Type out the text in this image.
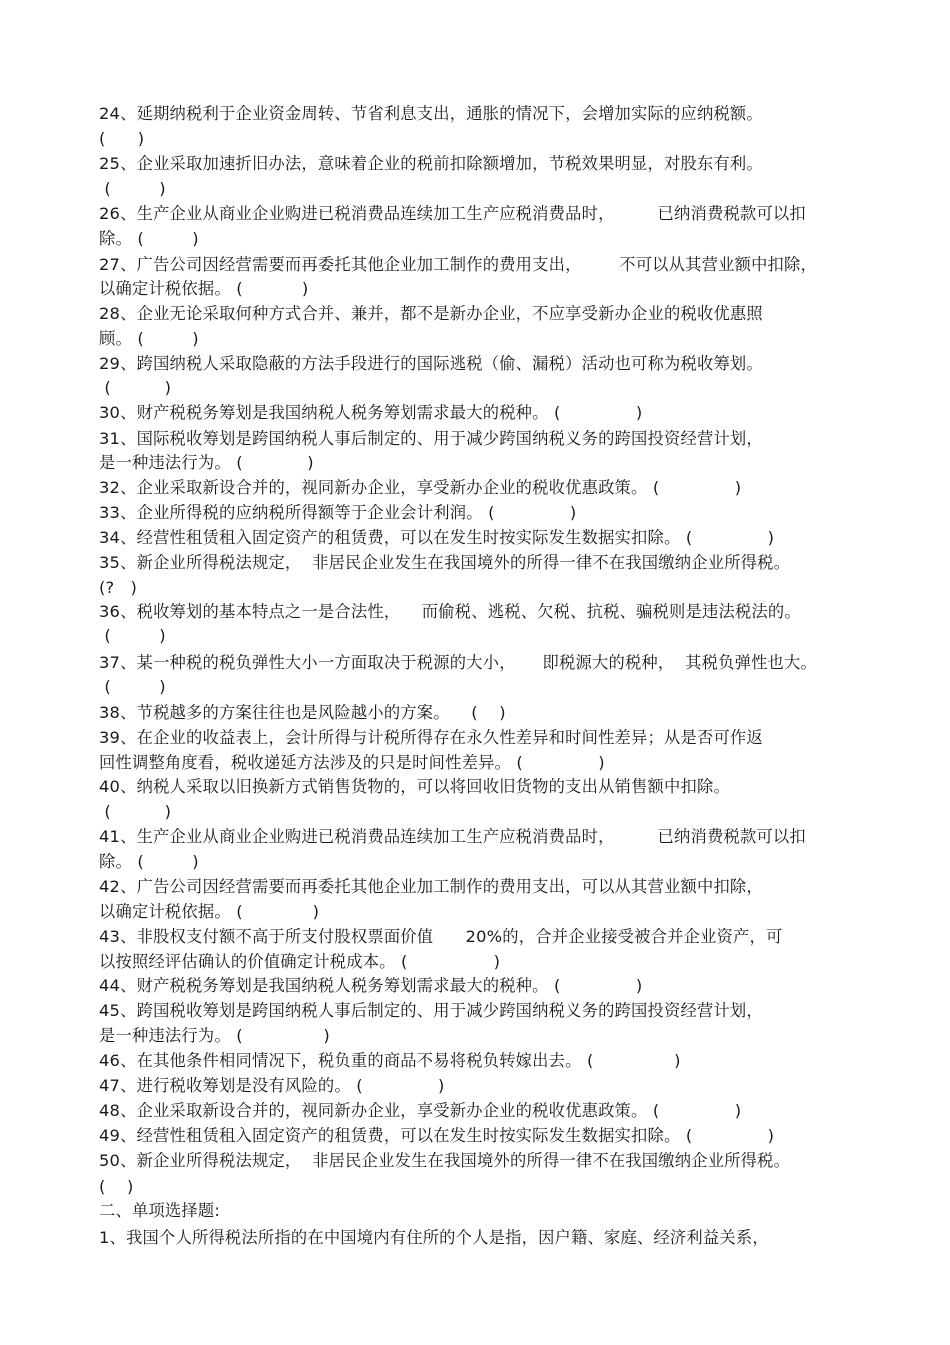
24、延期纳税利于企业资金周转、节省利息支出，通胀的情况下，会增加实际的应纳税额。
(      )
25、企业采取加速折旧办法，意味着企业的税前扣除额增加，节税效果明显，对股东有利。
(         )
26、生产企业从商业企业购进已税消费品连续加工生产应税消费品时，        已纳消费税款可以扣
除。 (         )
27、广告公司因经营需要而再委托其他企业加工制作的费用支出，       不可以从其营业额中扣除，
以确定计税依据。 (           )
28、企业无论采取何种方式合并、兼并，都不是新办企业，不应享受新办企业的税收优惠照
顾。 (         )
29、跨国纳税人采取隐蔽的方法手段进行的国际逃税（偷、漏税）活动也可称为税收筹划。
(          )
30、财产税税务筹划是我国纳税人税务筹划需求最大的税种。 (              )
31、国际税收筹划是跨国纳税人事后制定的、用于减少跨国纳税义务的跨国投资经营计划，
是一种违法行为。 (            )
32、企业采取新设合并的，视同新办企业，享受新办企业的税收优惠政策。 (              )
33、企业所得税的应纳税所得额等于企业会计利润。 (              )
34、经营性租赁租入固定资产的租赁费，可以在发生时按实际发生数据实扣除。 (              )
35、新企业所得税法规定，  非居民企业发生在我国境外的所得一律不在我国缴纳企业所得税。
(?   )
36、税收筹划的基本特点之一是合法性，    而偷税、逃税、欠税、抗税、骗税则是违法税法的。
(         )
37、某一种税的税负弹性大小一方面取决于税源的大小，     即税源大的税种，  其税负弹性也大。
(         )
38、节税越多的方案往往也是风险越小的方案。    (    )
39、在企业的收益表上，会计所得与计税所得存在永久性差异和时间性差异；从是否可作返
回性调整角度看，税收递延方法涉及的只是时间性差异。 (              )
40、纳税人采取以旧换新方式销售货物的，可以将回收旧货物的支出从销售额中扣除。
(          )
41、生产企业从商业企业购进已税消费品连续加工生产应税消费品时，        已纳消费税款可以扣
除。 (         )
42、广告公司因经营需要而再委托其他企业加工制作的费用支出，可以从其营业额中扣除，
以确定计税依据。 (             )
43、非股权支付额不高于所支付股权票面价值      20%的，合并企业接受被合并企业资产，可
以按照经评估确认的价值确定计税成本。 (                )
44、财产税税务筹划是我国纳税人税务筹划需求最大的税种。 (              )
45、跨国税收筹划是跨国纳税人事后制定的、用于减少跨国纳税义务的跨国投资经营计划，
是一种违法行为。 (               )
46、在其他条件相同情况下，税负重的商品不易将税负转嫁出去。 (               )
47、进行税收筹划是没有风险的。 (              )
48、企业采取新设合并的，视同新办企业，享受新办企业的税收优惠政策。 (              )
49、经营性租赁租入固定资产的租赁费，可以在发生时按实际发生数据实扣除。 (              )
50、新企业所得税法规定，  非居民企业发生在我国境外的所得一律不在我国缴纳企业所得税。
(    )
二、单项选择题:
1、我国个人所得税法所指的在中国境内有住所的个人是指，因户籍、家庭、经济利益关系，
